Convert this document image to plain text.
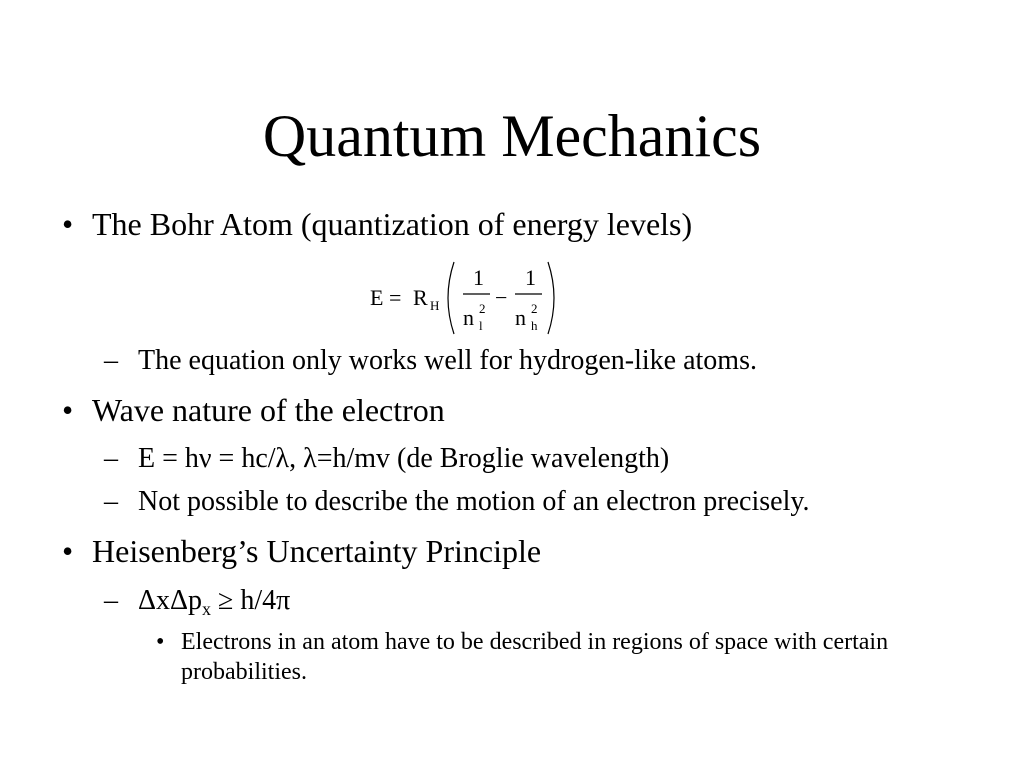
Quantum Mechanics
• The Bohr Atom (quantization of energy levels)
E = R H
1
n 2
l
−
1
n 2
h
– The equation only works well for hydrogen-like atoms.
• Wave nature of the electron
– E = hν = hc/λ, λ=h/mv (de Broglie wavelength)
– Not possible to describe the motion of an electron precisely.
• Heisenberg’s Uncertainty Principle
– ΔxΔp$_x$ ≥ h/4π
• Electrons in an atom have to be described in regions of space with certain probabilities.
